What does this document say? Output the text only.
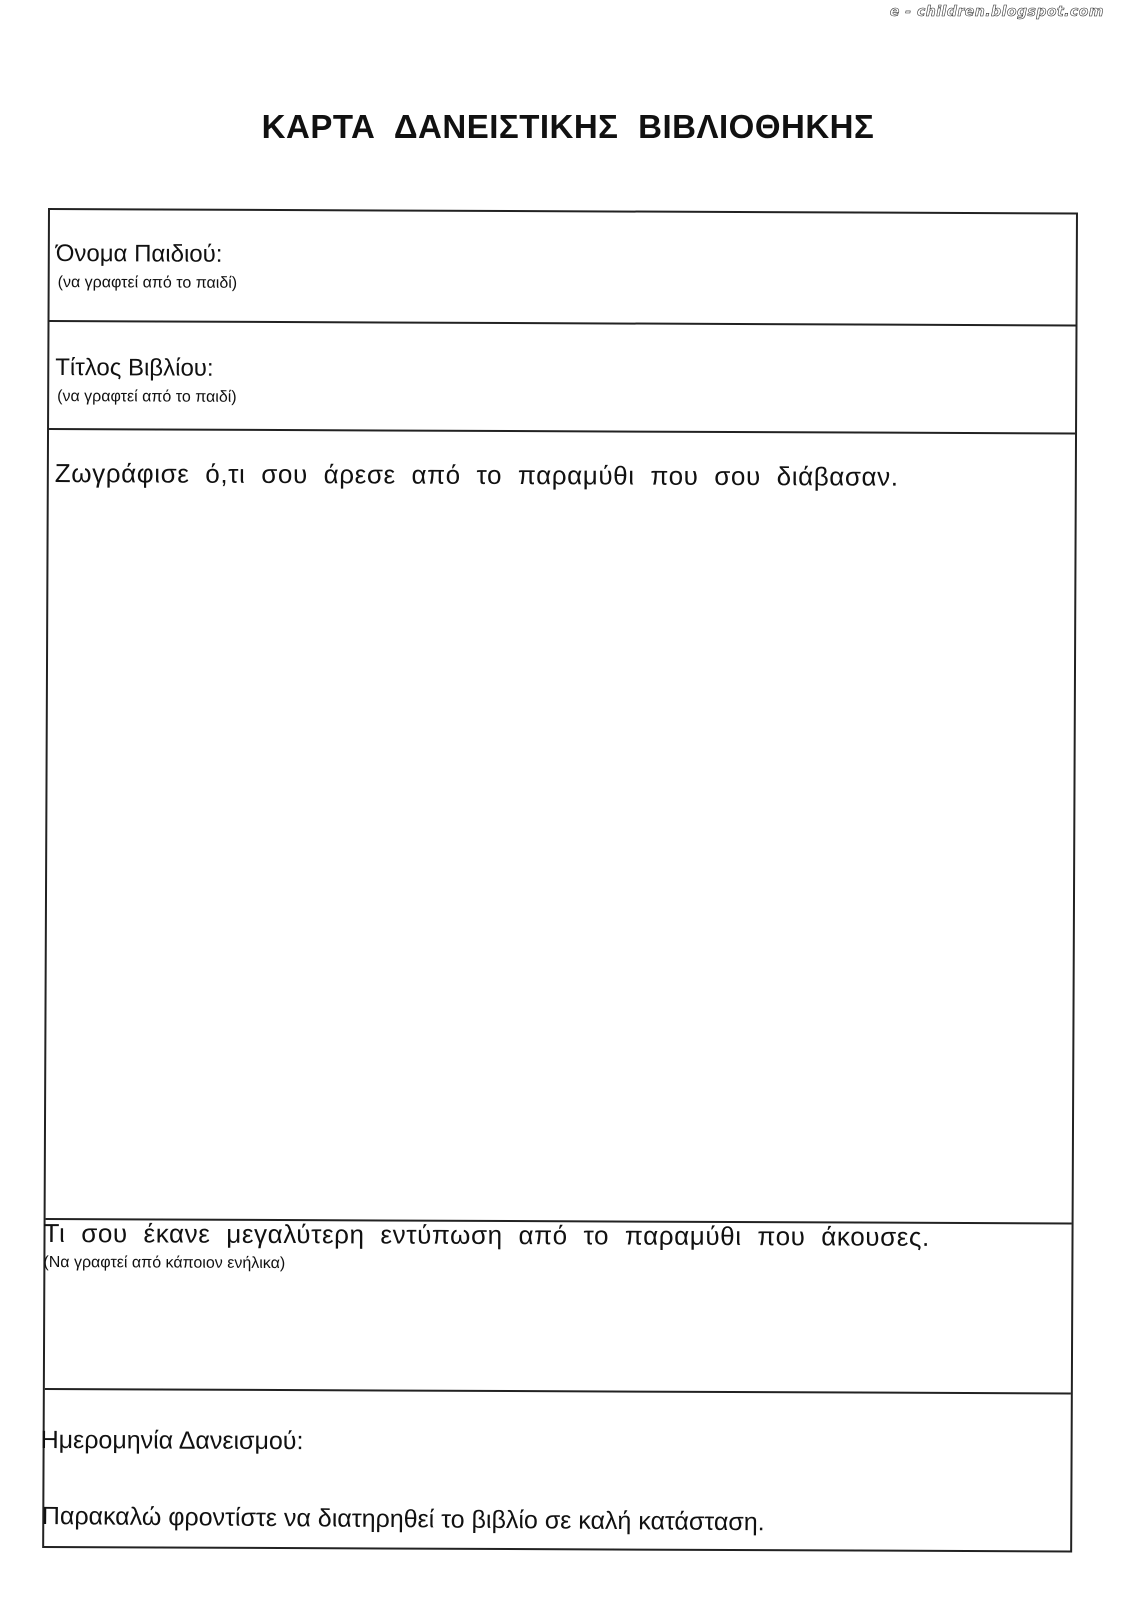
e - children.blogspot.com
ΚΑΡΤΑ ΔΑΝΕΙΣΤΙΚΗΣ ΒΙΒΛΙΟΘΗΚΗΣ
Όνομα Παιδιού:
(να γραφτεί από το παιδί)
Τίτλος Βιβλίου:
(να γραφτεί από το παιδί)
Ζωγράφισε ό,τι σου άρεσε από το παραμύθι που σου διάβασαν.
Τι σου έκανε μεγαλύτερη εντύπωση από το παραμύθι που άκουσες.
(Να γραφτεί από κάποιον ενήλικα)
Ημερομηνία Δανεισμού:
Παρακαλώ φροντίστε να διατηρηθεί το βιβλίο σε καλή κατάσταση.
